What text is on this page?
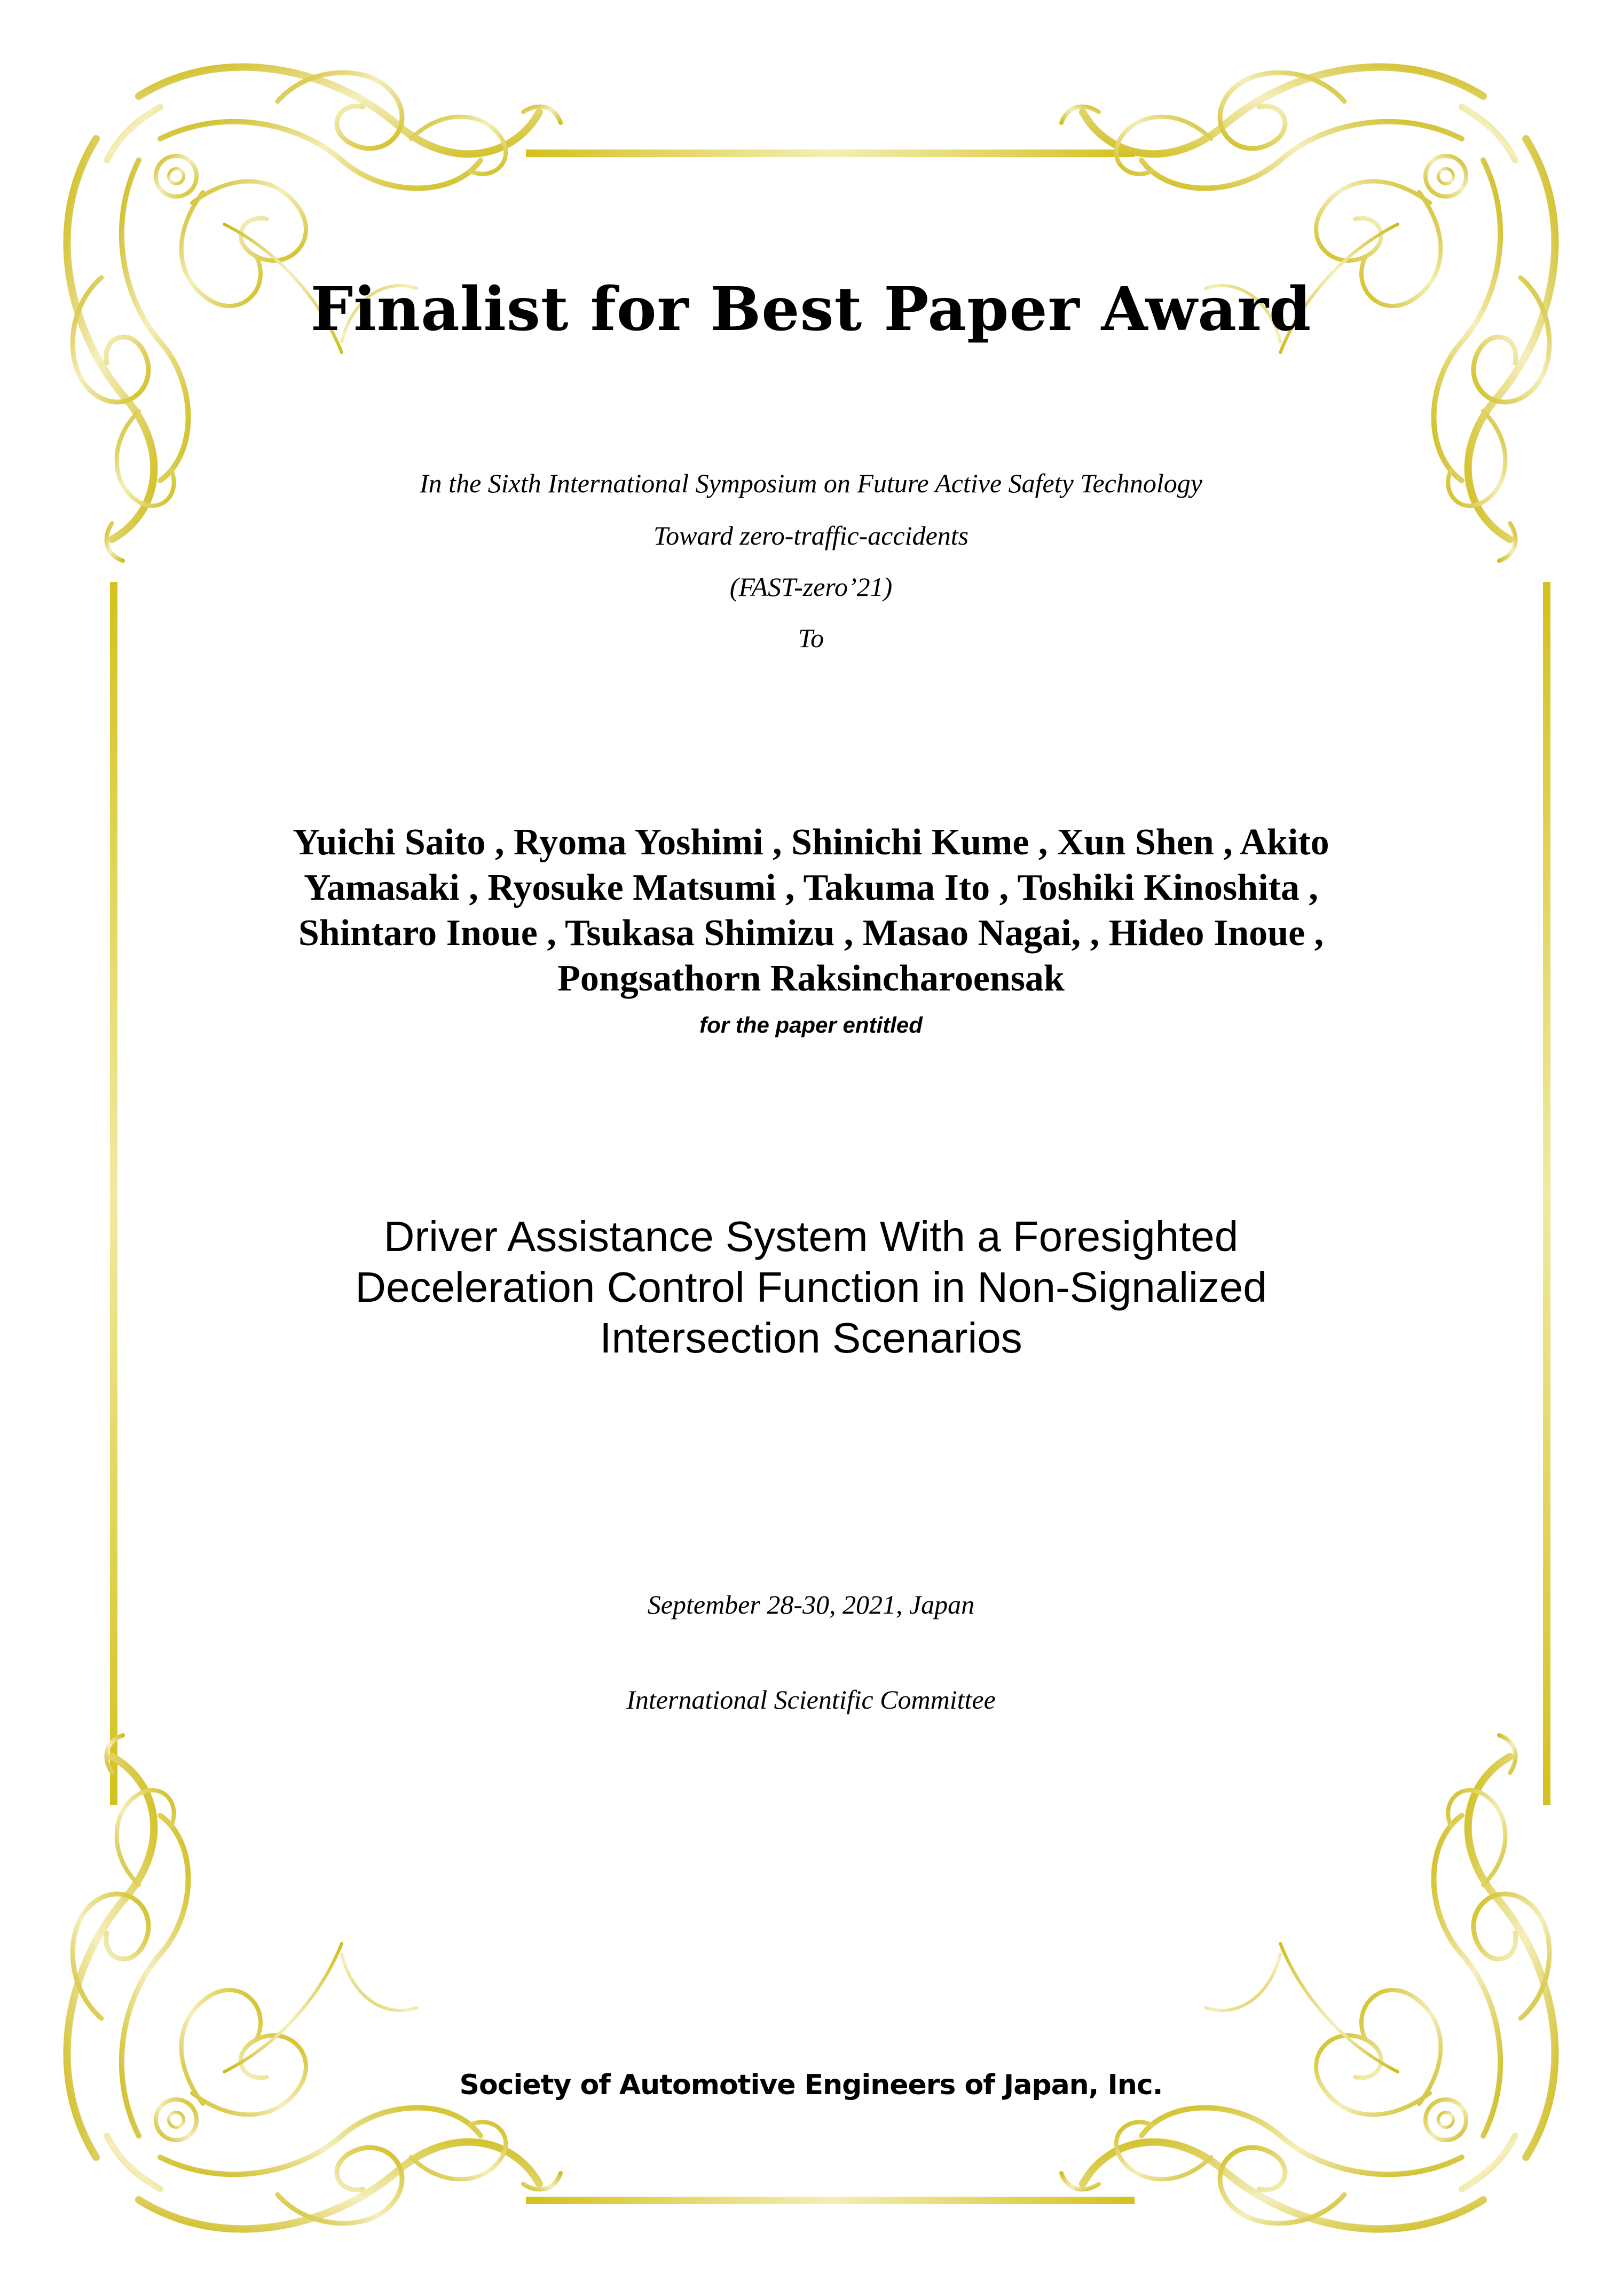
Finalist for Best Paper Award

In the Sixth International Symposium on Future Active Safety Technology

Toward zero-traffic-accidents

(FAST-zero’21)

To

Yuichi Saito , Ryoma Yoshimi , Shinichi Kume , Xun Shen , Akito

Yamasaki , Ryosuke Matsumi , Takuma Ito , Toshiki Kinoshita ,

Shintaro Inoue , Tsukasa Shimizu , Masao Nagai, , Hideo Inoue ,

Pongsathorn Raksincharoensak

for the paper entitled

Driver Assistance System With a Foresighted

Deceleration Control Function in Non-Signalized

Intersection Scenarios

September 28-30, 2021, Japan

International Scientific Committee

Society of Automotive Engineers of Japan, Inc.
